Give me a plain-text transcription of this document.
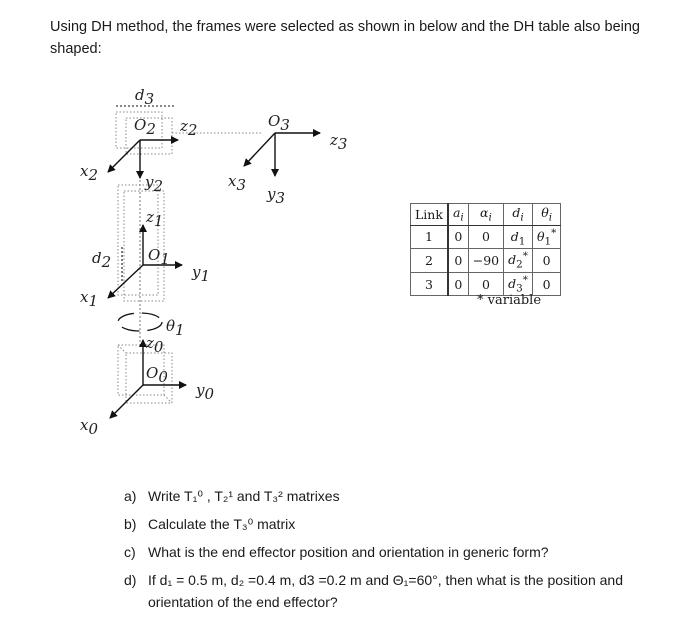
Using DH method, the frames were selected as shown in below and the DH table also being shaped:

d3
O2 z2
x2	y2
O3
z3
x3 y3
z1
d2 O1
y1
x1
θ1
z0
O0
y0
x0
Link	$a_i$	$\alpha_i$	$d_i$	$\theta_i$
1	0	0	$d_1$	$\theta_1^*$
2	0	−90	$d_2^*$	0
3	0	0	$d_3^*$	0
* variable
a) Write T₁⁰ , T₂¹ and T₃² matrixes
b) Calculate the T₃⁰ matrix
c) What is the end effector position and orientation in generic form?
d) If d₁ = 0.5 m, d₂ =0.4 m, d3 =0.2 m and Θ₁=60°, then what is the position and orientation of the end effector?
